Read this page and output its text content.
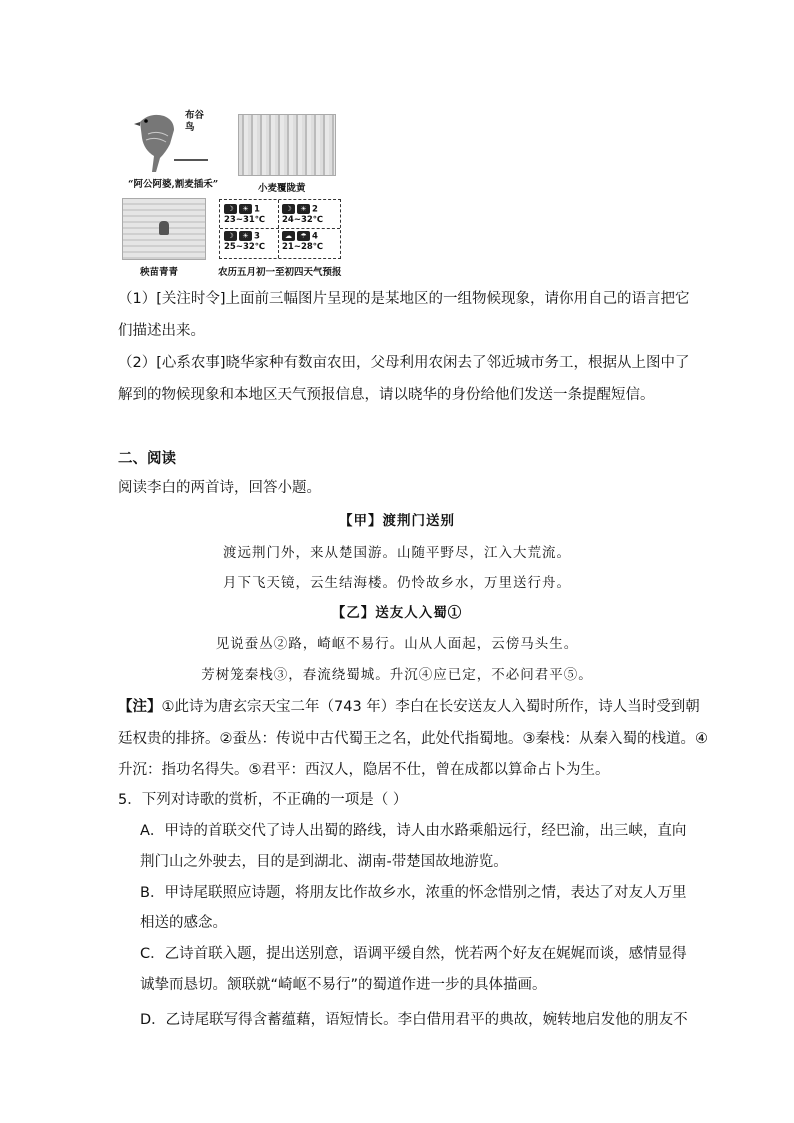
布谷鸟
“阿公阿婆,割麦插禾”	小麦覆陇黄
秧苗青青
☽ ☀ 1
23~31℃
☽ ☀ 2
24~32℃
☽ ☀ 3
25~32℃
☁ ☂ 4
21~28℃
农历五月初一至初四天气预报
（1）[关注时令]上面前三幅图片呈现的是某地区的一组物候现象，请你用自己的语言把它
们描述出来。
（2）[心系农事]晓华家种有数亩农田，父母利用农闲去了邻近城市务工，根据从上图中了
解到的物候现象和本地区天气预报信息，请以晓华的身份给他们发送一条提醒短信。
二、阅读
阅读李白的两首诗，回答小题。
【甲】渡荆门送别
渡远荆门外，来从楚国游。山随平野尽，江入大荒流。
月下飞天镜，云生结海楼。仍怜故乡水，万里送行舟。
【乙】送友人入蜀①
见说蚕丛②路，崎岖不易行。山从人面起，云傍马头生。
芳树笼秦栈③，春流绕蜀城。升沉④应已定，不必问君平⑤。
【注】①此诗为唐玄宗天宝二年（743 年）李白在长安送友人入蜀时所作，诗人当时受到朝
廷权贵的排挤。②蚕丛：传说中古代蜀王之名，此处代指蜀地。③秦栈：从秦入蜀的栈道。④
升沉：指功名得失。⑤君平：西汉人，隐居不仕，曾在成都以算命占卜为生。
5．下列对诗歌的赏析，不正确的一项是（ ）
A．甲诗的首联交代了诗人出蜀的路线，诗人由水路乘船远行，经巴渝，出三峡，直向
荆门山之外驶去，目的是到湖北、湖南-带楚国故地游览。
B．甲诗尾联照应诗题，将朋友比作故乡水，浓重的怀念惜别之情，表达了对友人万里
相送的感念。
C．乙诗首联入题，提出送别意，语调平缓自然，恍若两个好友在娓娓而谈，感情显得
诚挚而恳切。颔联就“崎岖不易行”的蜀道作进一步的具体描画。
D．乙诗尾联写得含蓄蕴藉，语短情长。李白借用君平的典故，婉转地启发他的朋友不
